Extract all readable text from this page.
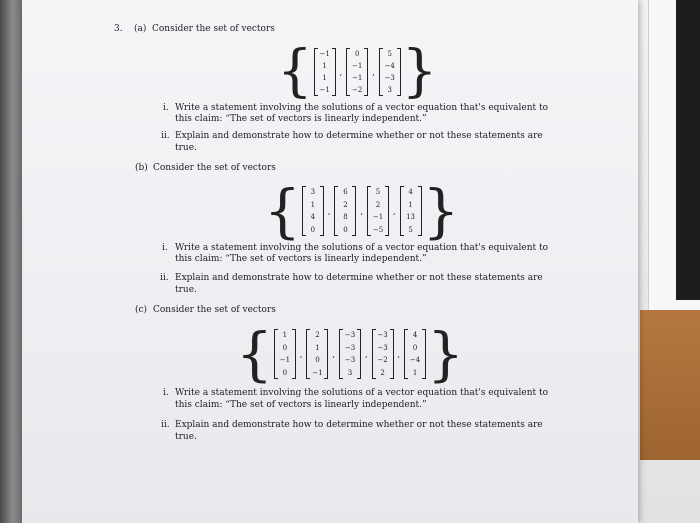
3. (a) Consider the set of vectors
{ −1
1
1
−1
,
0
−1
−1
−2
,
5
−4
−3
3 }
i. Write a statement involving the solutions of a vector equation that's equivalent to
this claim: “The set of vectors is linearly independent.”
ii. Explain and demonstrate how to determine whether or not these statements are
true.
(b) Consider the set of vectors
{	3
1
4
0
,
6
2
8
0
,
5
2
−1
−5
,
4
1
13
5 }
i. Write a statement involving the solutions of a vector equation that's equivalent to
this claim: “The set of vectors is linearly independent.”
ii. Explain and demonstrate how to determine whether or not these statements are
true.
(c) Consider the set of vectors
{	1
0
−1
0
,
2
1
0
−1
,
−3
−3
−3
3
,
−3
−3
−2
2
,
4
0
−4
1 }
i. Write a statement involving the solutions of a vector equation that's equivalent to
this claim: “The set of vectors is linearly independent.”
ii. Explain and demonstrate how to determine whether or not these statements are
true.
